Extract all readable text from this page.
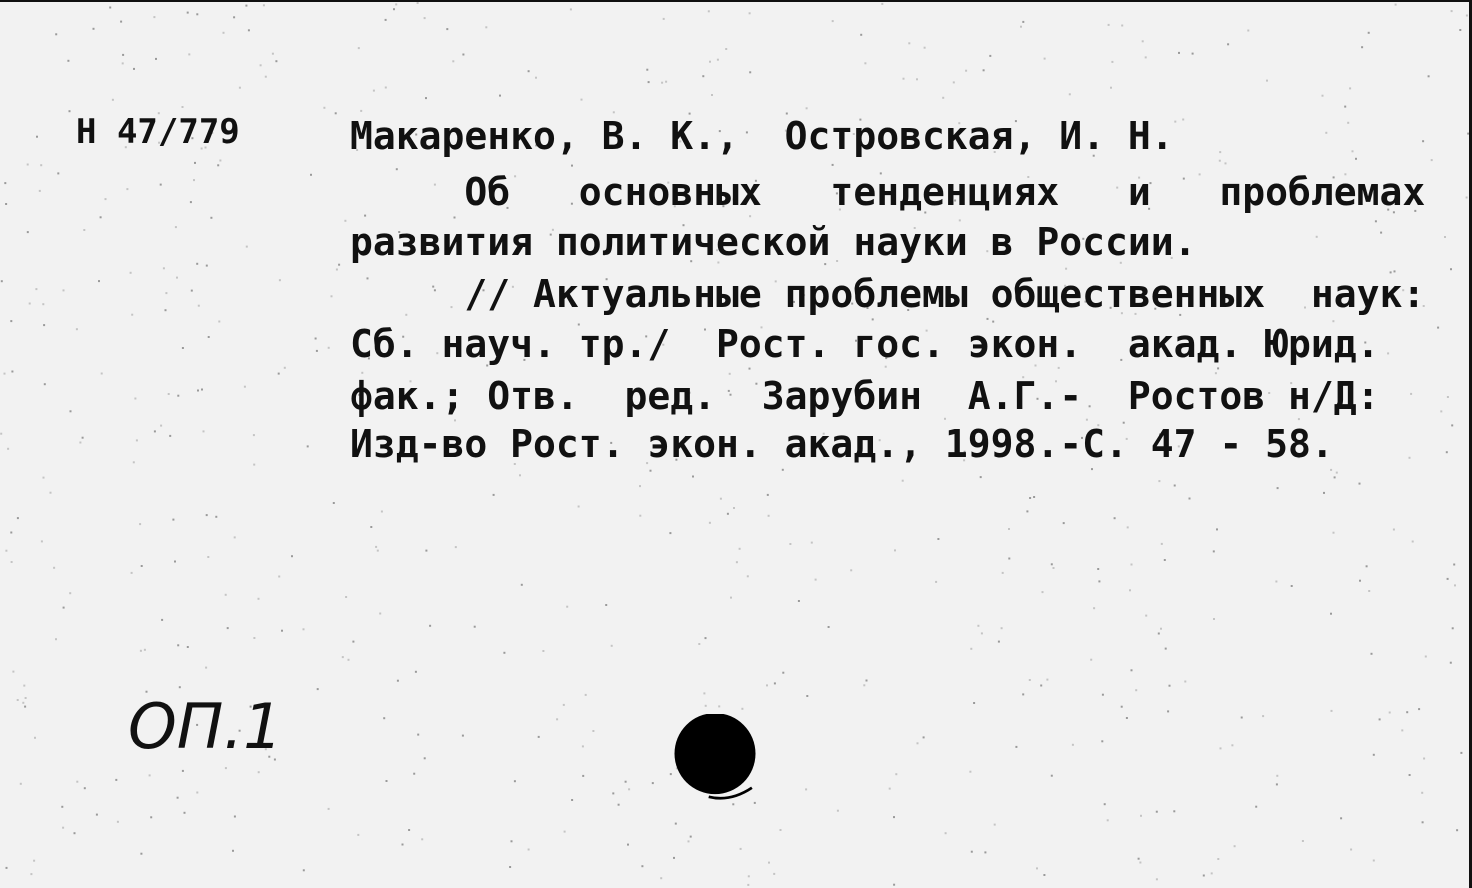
Н 47/779	Макаренко, В. К.,  Островская, И. Н.
Об   основных   тенденциях   и   проблемах
развития политической науки в России.
// Актуальные проблемы общественных  наук:
Сб. науч. тр./  Рост. гос. экон.  акад. Юрид.
фак.; Отв.  ред.  Зарубин  А.Г.-  Ростов н/Д:
Изд-во Рост. экон. акад., 1998.-С. 47 - 58.
ОП.1
